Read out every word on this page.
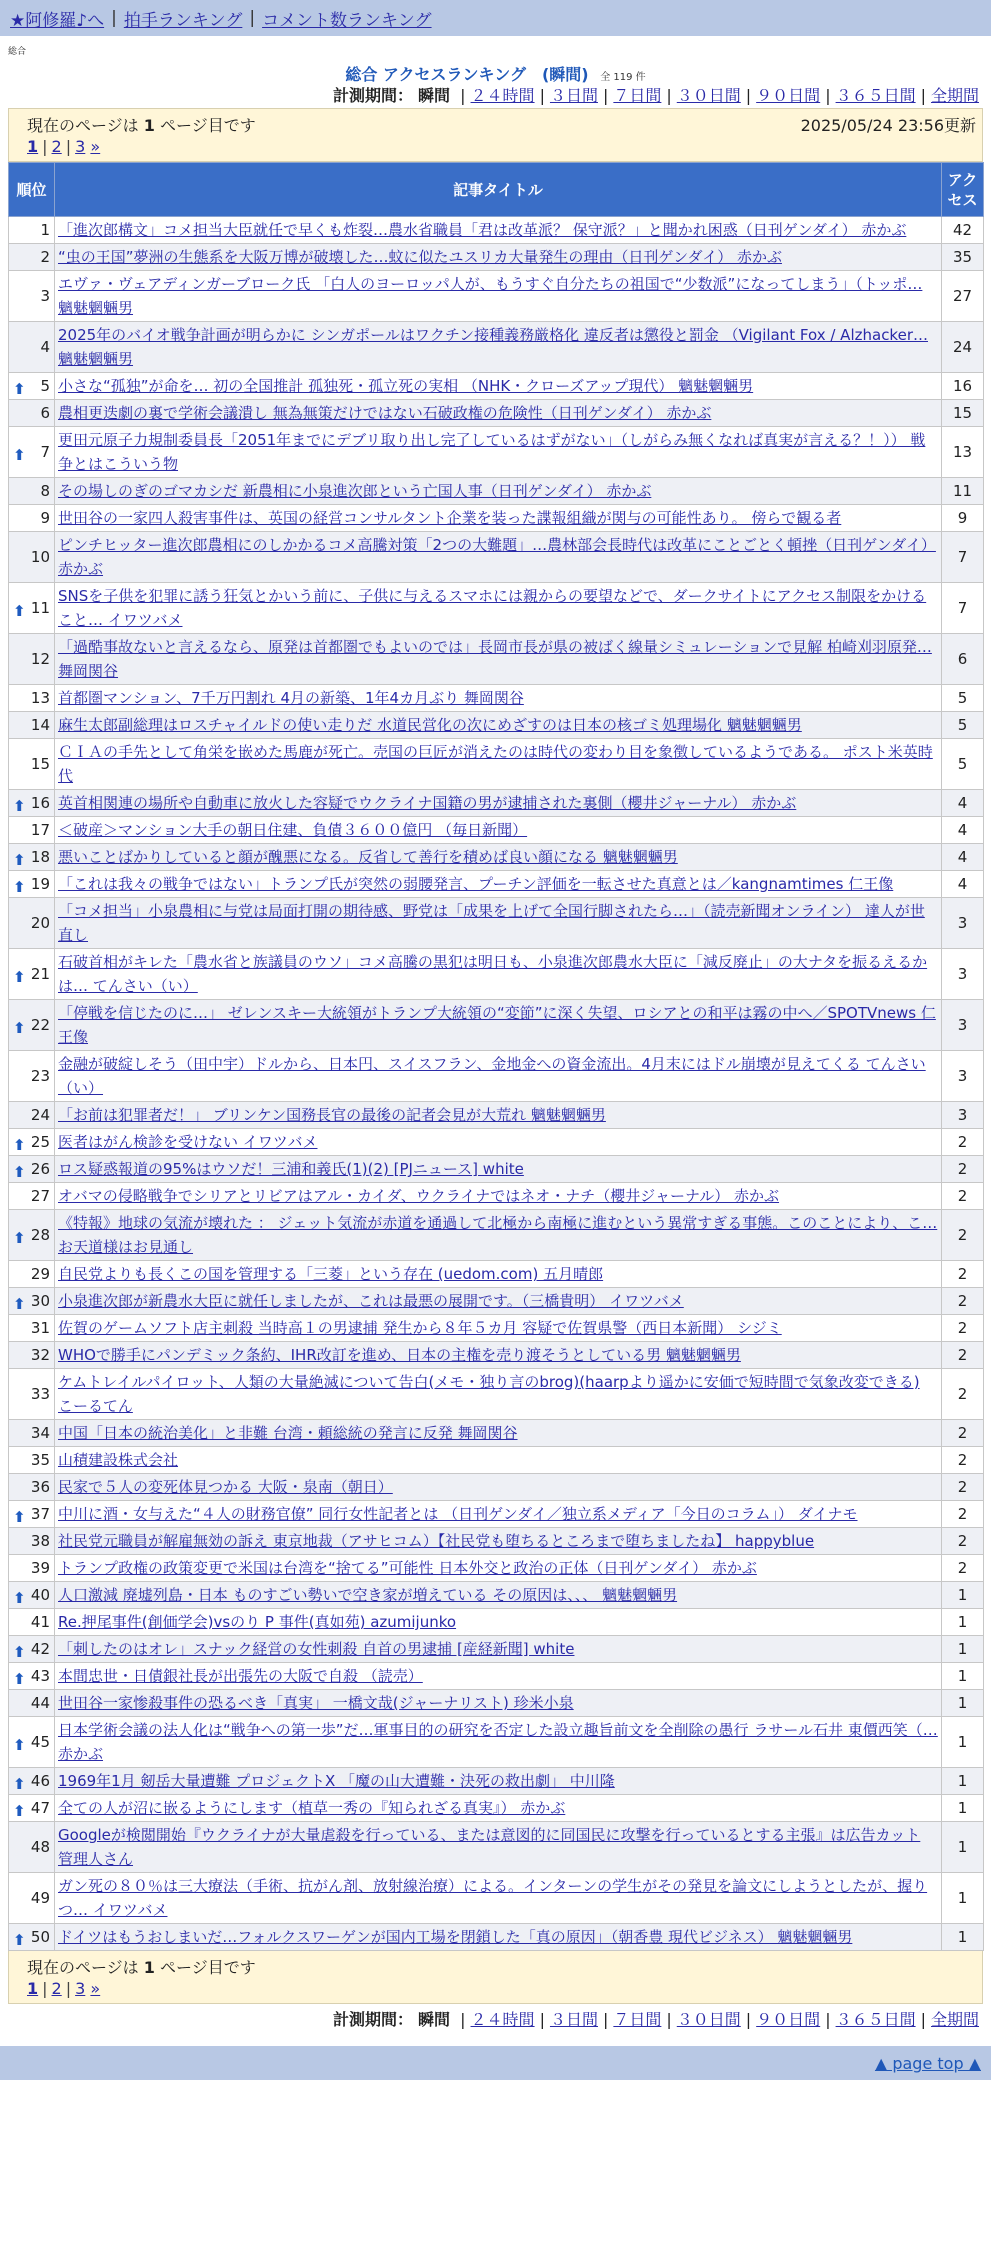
★阿修羅♪へ | 拍手ランキング | コメント数ランキング
総合
総合 アクセスランキング　(瞬間) 全 119 件
計測期間： 瞬間 | ２４時間 | ３日間 | ７日間 | ３０日間 | ９０日間 | ３６５日間 | 全期間
現在のページは 1 ページ目です	2025/05/24 23:56更新
1 | 2 | 3 »
順位	記事タイトル	アクセス
1	「進次郎構文」コメ担当大臣就任で早くも炸裂…農水省職員「君は改革派？ 保守派？」と聞かれ困惑（日刊ゲンダイ） 赤かぶ	42
2	“虫の王国”夢洲の生態系を大阪万博が破壊した…蚊に似たユスリカ大量発生の理由（日刊ゲンダイ） 赤かぶ	35
3	エヴァ・ヴェアディンガーブローク氏 「白人のヨーロッパ人が、もうすぐ自分たちの祖国で“少数派”になってしまう」（トッポ… 魑魅魍魎男	27
4	2025年のバイオ戦争計画が明らかに シンガポールはワクチン接種義務厳格化 違反者は懲役と罰金 （Vigilant Fox / Alzhacker… 魑魅魍魎男	24

⬆ 5	小さな“孤独”が命を… 初の全国推計 孤独死・孤立死の実相 （NHK・クローズアップ現代） 魑魅魍魎男	16
6	農相更迭劇の裏で学術会議潰し 無為無策だけではない石破政権の危険性（日刊ゲンダイ） 赤かぶ	15

⬆ 7	更田元原子力規制委員長「2051年までにデブリ取り出し完了しているはずがない」（しがらみ無くなれば真実が言える？！）） 戦争とはこういう物	13
8	その場しのぎのゴマカシだ 新農相に小泉進次郎という亡国人事（日刊ゲンダイ） 赤かぶ	11
9	世田谷の一家四人殺害事件は、英国の経営コンサルタント企業を装った諜報組織が関与の可能性あり。 傍らで観る者	9
10	ピンチヒッター進次郎農相にのしかかるコメ高騰対策「2つの大難題」…農林部会長時代は改革にことごとく頓挫（日刊ゲンダイ） 赤かぶ	7

⬆ 11	SNSを子供を犯罪に誘う狂気とかいう前に、子供に与えるスマホには親からの要望などで、ダークサイトにアクセス制限をかけること… イワツバメ	7
12	「過酷事故ないと言えるなら、原発は首都圏でもよいのでは」長岡市長が県の被ばく線量シミュレーションで見解 柏崎刈羽原発… 舞岡関谷	6
13	首都圏マンション、7千万円割れ 4月の新築、1年4カ月ぶり 舞岡関谷	5
14	麻生太郎副総理はロスチャイルドの使い走りだ 水道民営化の次にめざすのは日本の核ゴミ処理場化 魑魅魍魎男	5
15	ＣＩＡの手先として角栄を嵌めた馬鹿が死亡。売国の巨匠が消えたのは時代の変わり目を象徴しているようである。 ポスト米英時代	5

⬆ 16	英首相関連の場所や自動車に放火した容疑でウクライナ国籍の男が逮捕された裏側（櫻井ジャーナル） 赤かぶ	4
17	＜破産＞マンション大手の朝日住建、負債３６００億円 （毎日新聞）	4

⬆ 18	悪いことばかりしていると顔が醜悪になる。反省して善行を積めば良い顔になる 魑魅魍魎男	4

⬆ 19	「これは我々の戦争ではない」トランプ氏が突然の弱腰発言、プーチン評価を一転させた真意とは／kangnamtimes 仁王像	4
20	「コメ担当」小泉農相に与党は局面打開の期待感、野党は「成果を上げて全国行脚されたら…」（読売新聞オンライン） 達人が世直し	3

⬆ 21	石破首相がキレた「農水省と族議員のウソ」コメ高騰の黒犯は明日も、小泉進次郎農水大臣に「減反廃止」の大ナタを振るえるかは… てんさい（い）	3

⬆ 22	「停戦を信じたのに…」 ゼレンスキー大統領がトランプ大統領の“変節”に深く失望、ロシアとの和平は霧の中へ／SPOTVnews 仁王像	3
23	金融が破綻しそう（田中宇）ドルから、日本円、スイスフラン、金地金への資金流出。4月末にはドル崩壊が見えてくる てんさい（い）	3
24	「お前は犯罪者だ！」 ブリンケン国務長官の最後の記者会見が大荒れ 魑魅魍魎男	3

⬆ 25	医者はがん検診を受けない イワツバメ	2

⬆ 26	ロス疑惑報道の95%はウソだ！三浦和義氏(1)(2) [PJニュース] white	2
27	オバマの侵略戦争でシリアとリビアはアル・カイダ、ウクライナではネオ・ナチ（櫻井ジャーナル） 赤かぶ	2

⬆ 28	《特報》地球の気流が壊れた ： ジェット気流が赤道を通過して北極から南極に進むという異常すぎる事態。このことにより、こ… お天道様はお見通し	2
29	自民党よりも長くこの国を管理する「三菱」という存在 (uedom.com) 五月晴郎	2

⬆ 30	小泉進次郎が新農水大臣に就任しましたが、これは最悪の展開です。（三橋貴明） イワツバメ	2
31	佐賀のゲームソフト店主刺殺 当時高１の男逮捕 発生から８年５カ月 容疑で佐賀県警（西日本新聞） シジミ	2
32	WHOで勝手にパンデミック条約、IHR改訂を進め、日本の主権を売り渡そうとしている男 魑魅魍魎男	2
33	ケムトレイルパイロット、人類の大量絶滅について告白(メモ・独り言のbrog)(haarpより遥かに安価で短時間で気象改変できる) こーるてん	2
34	中国「日本の統治美化」と非難 台湾・頼総統の発言に反発 舞岡関谷	2
35	山積建設株式会社	2
36	民家で５人の変死体見つかる 大阪・泉南（朝日）	2

⬆ 37	中川に酒・女与えた“４人の財務官僚” 同行女性記者とは （日刊ゲンダイ／独立系メディア「今日のコラム」） ダイナモ	2
38	社民党元職員が解雇無効の訴え 東京地裁（アサヒコム）【社民党も堕ちるところまで堕ちましたね】 happyblue	2
39	トランプ政権の政策変更で米国は台湾を“捨てる”可能性 日本外交と政治の正体（日刊ゲンダイ） 赤かぶ	2

⬆ 40	人口激減 廃墟列島・日本 ものすごい勢いで空き家が増えている その原因は、、、 魑魅魍魎男	1
41	Re.押尾事件(創価学会)vsのり P 事件(真如苑) azumijunko	1

⬆ 42	「刺したのはオレ」スナック経営の女性刺殺 自首の男逮捕 [産経新聞] white	1

⬆ 43	本間忠世・日債銀社長が出張先の大阪で自殺 （読売）	1
44	世田谷一家惨殺事件の恐るべき「真実」 一橋文哉(ジャーナリスト) 珍米小泉	1

⬆ 45	日本学術会議の法人化は“戦争への第一歩”だ…軍事目的の研究を否定した設立趣旨前文を全削除の愚行 ラサール石井 東價西笑（… 赤かぶ	1

⬆ 46	1969年1月 剱岳大量遭難 プロジェクトX 「魔の山大遭難・決死の救出劇」 中川隆	1

⬆ 47	全ての人が沼に嵌るようにします（植草一秀の『知られざる真実』） 赤かぶ	1
48	Googleが検閲開始『ウクライナが大量虐殺を行っている、または意図的に同国民に攻撃を行っているとする主張』は広告カット 管理人さん	1
49	ガン死の８０％は三大療法（手術、抗がん剤、放射線治療）による。インターンの学生がその発見を論文にしようとしたが、握りつ… イワツバメ	1

⬆ 50	ドイツはもうおしまいだ…フォルクスワーゲンが国内工場を閉鎖した「真の原因」（朝香豊 現代ビジネス） 魑魅魍魎男	1
現在のページは 1 ページ目です
1 | 2 | 3 »
計測期間： 瞬間 | ２４時間 | ３日間 | ７日間 | ３０日間 | ９０日間 | ３６５日間 | 全期間
▲ page top ▲
